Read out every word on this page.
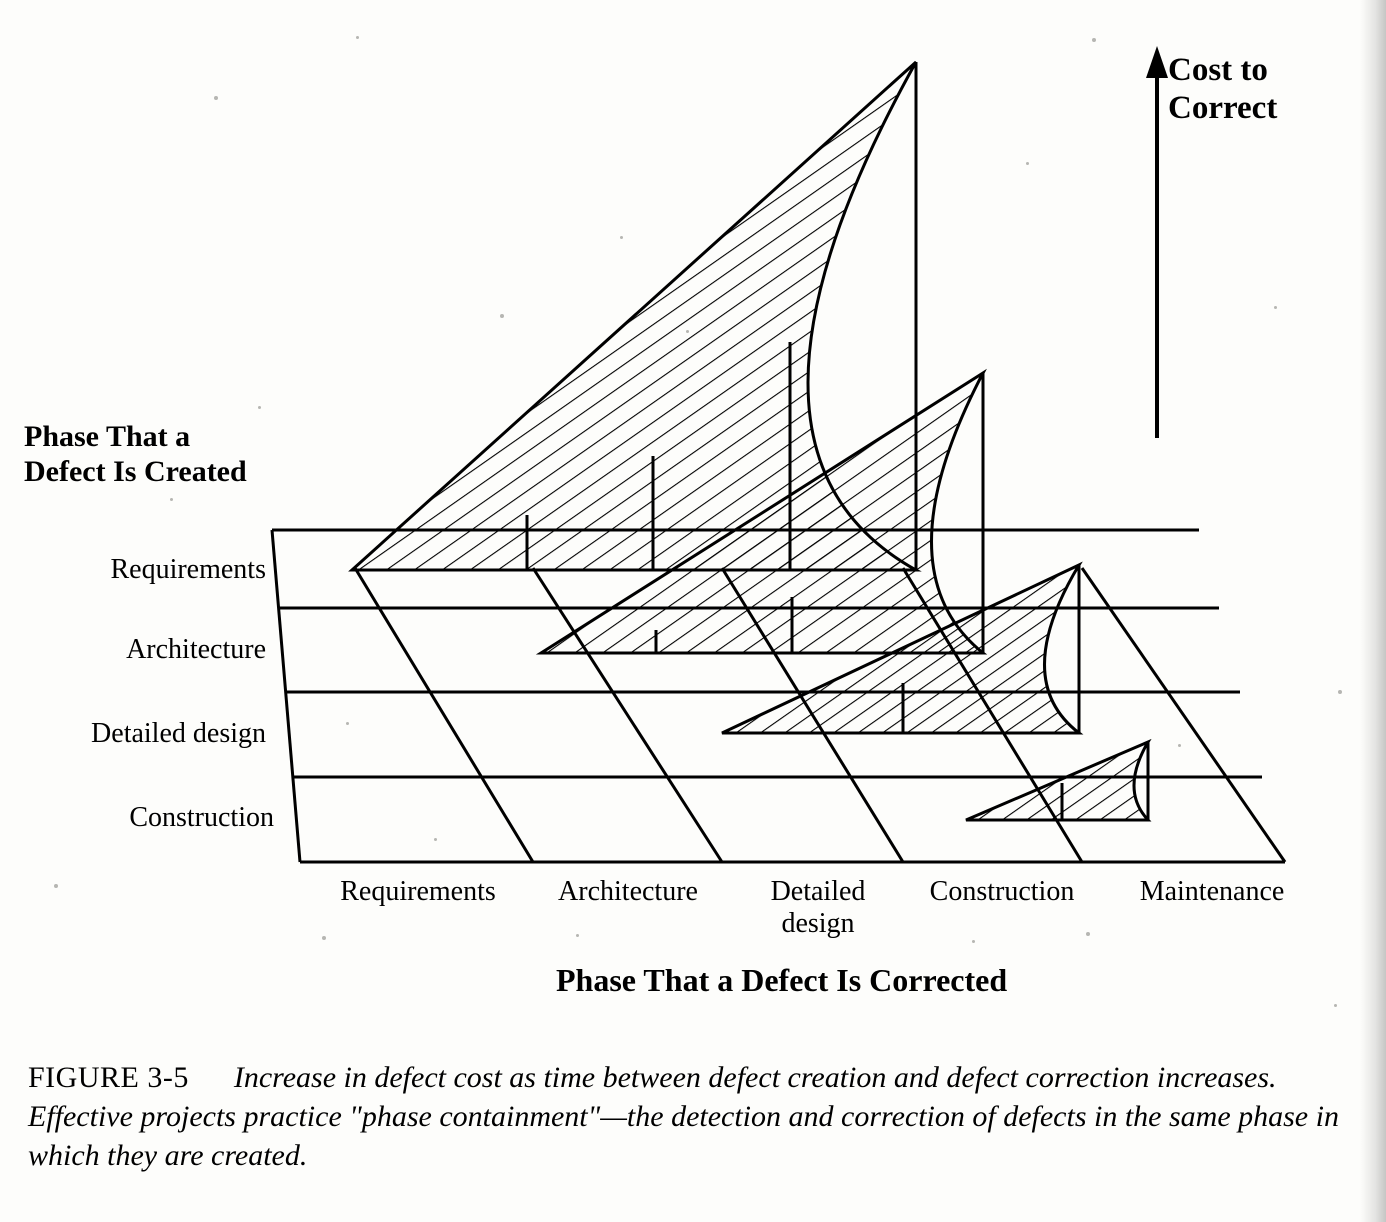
Cost to
Correct
Phase That a
Defect Is Created
Phase That a Defect Is Corrected
Requirements
Architecture
Detailed design
Construction
Requirements	Architecture	Detailed
design
Construction	Maintenance
FIGURE 3-5 Increase in defect cost as time between defect creation and defect correction increases. Effective projects practice "phase containment"—the detection and correction of defects in the same phase in which they are created.
